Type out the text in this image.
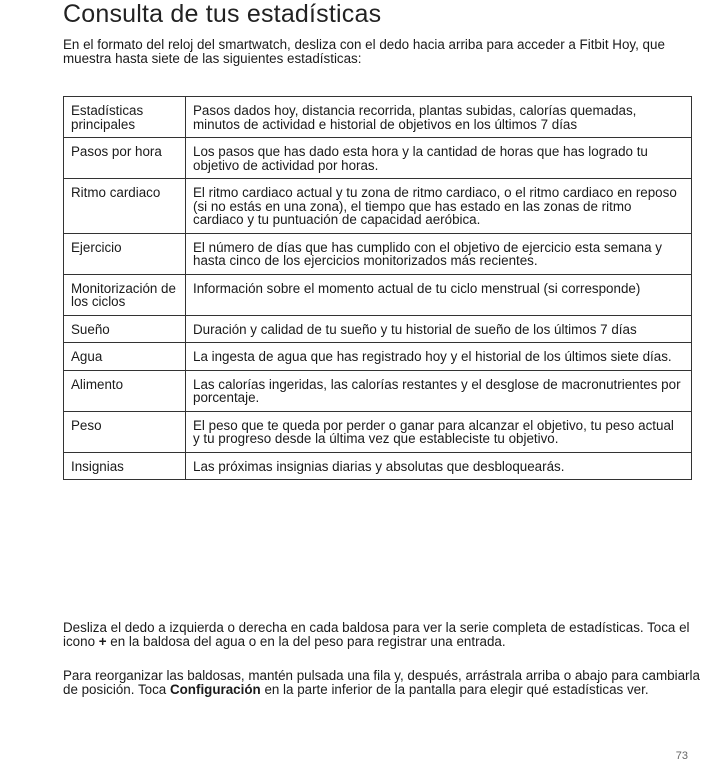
Consulta de tus estadísticas

En el formato del reloj del smartwatch, desliza con el dedo hacia arriba para acceder a Fitbit Hoy, que muestra hasta siete de las siguientes estadísticas:

Estadísticas principales	Pasos dados hoy, distancia recorrida, plantas subidas, calorías quemadas, minutos de actividad e historial de objetivos en los últimos 7 días
Pasos por hora	Los pasos que has dado esta hora y la cantidad de horas que has logrado tu objetivo de actividad por horas.
Ritmo cardiaco	El ritmo cardiaco actual y tu zona de ritmo cardiaco, o el ritmo cardiaco en reposo (si no estás en una zona), el tiempo que has estado en las zonas de ritmo cardiaco y tu puntuación de capacidad aeróbica.
Ejercicio	El número de días que has cumplido con el objetivo de ejercicio esta semana y hasta cinco de los ejercicios monitorizados más recientes.
Monitorización de los ciclos	Información sobre el momento actual de tu ciclo menstrual (si corresponde)
Sueño	Duración y calidad de tu sueño y tu historial de sueño de los últimos 7 días
Agua	La ingesta de agua que has registrado hoy y el historial de los últimos siete días.
Alimento	Las calorías ingeridas, las calorías restantes y el desglose de macronutrientes por porcentaje.
Peso	El peso que te queda por perder o ganar para alcanzar el objetivo, tu peso actual y tu progreso desde la última vez que estableciste tu objetivo.
Insignias	Las próximas insignias diarias y absolutas que desbloquearás.

Desliza el dedo a izquierda o derecha en cada baldosa para ver la serie completa de estadísticas. Toca el icono + en la baldosa del agua o en la del peso para registrar una entrada.

Para reorganizar las baldosas, mantén pulsada una fila y, después, arrástrala arriba o abajo para cambiarla de posición. Toca Configuración en la parte inferior de la pantalla para elegir qué estadísticas ver.

73
